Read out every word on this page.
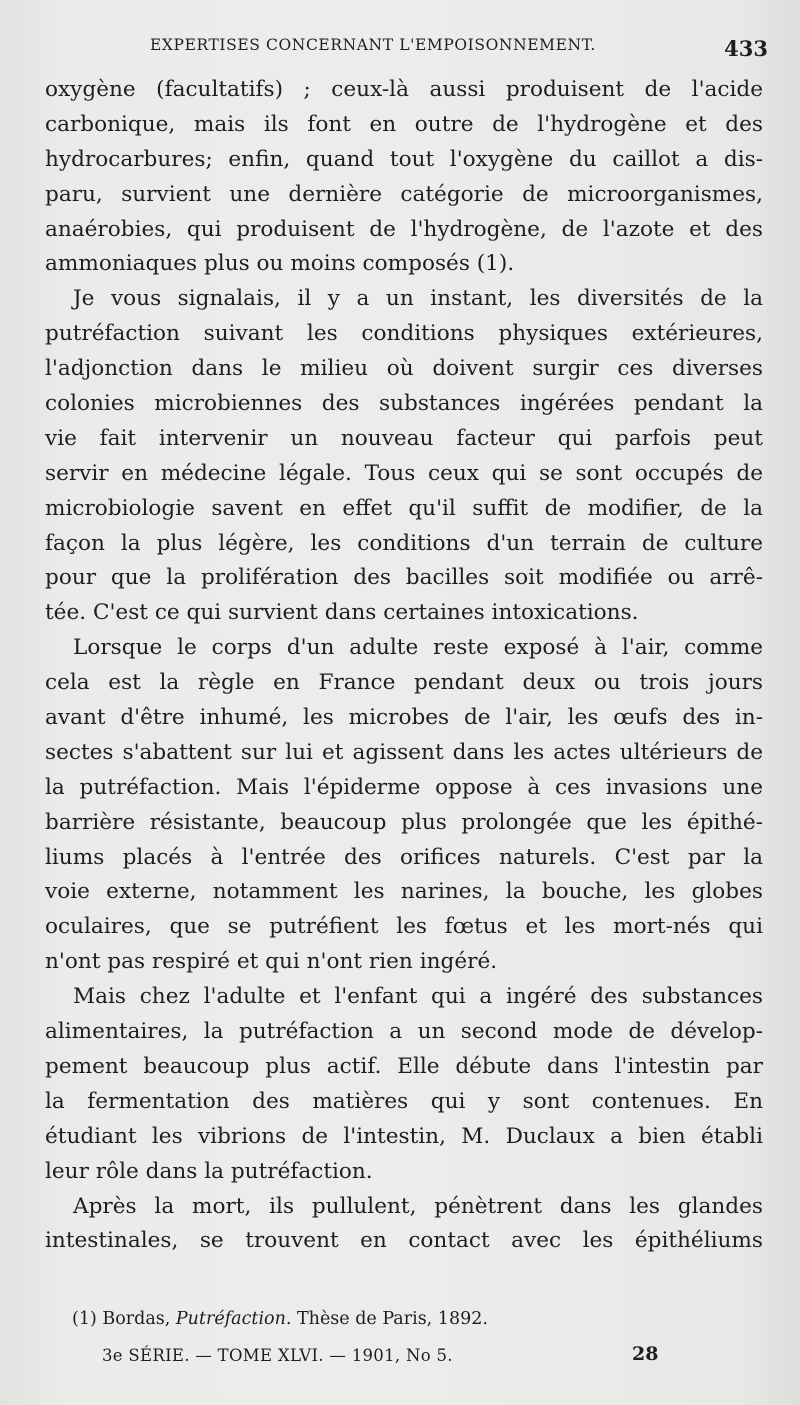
EXPERTISES CONCERNANT L'EMPOISONNEMENT.	433
oxygène (facultatifs) ; ceux-là aussi produisent de l'acide
carbonique, mais ils font en outre de l'hydrogène et des
hydrocarbures; enfin, quand tout l'oxygène du caillot a dis-
paru, survient une dernière catégorie de microorganismes,
anaérobies, qui produisent de l'hydrogène, de l'azote et des
ammoniaques plus ou moins composés (1).
Je vous signalais, il y a un instant, les diversités de la
putréfaction suivant les conditions physiques extérieures,
l'adjonction dans le milieu où doivent surgir ces diverses
colonies microbiennes des substances ingérées pendant la
vie fait intervenir un nouveau facteur qui parfois peut
servir en médecine légale. Tous ceux qui se sont occupés de
microbiologie savent en effet qu'il suffit de modifier, de la
façon la plus légère, les conditions d'un terrain de culture
pour que la prolifération des bacilles soit modifiée ou arrê-
tée. C'est ce qui survient dans certaines intoxications.
Lorsque le corps d'un adulte reste exposé à l'air, comme
cela est la règle en France pendant deux ou trois jours
avant d'être inhumé, les microbes de l'air, les œufs des in-
sectes s'abattent sur lui et agissent dans les actes ultérieurs de
la putréfaction. Mais l'épiderme oppose à ces invasions une
barrière résistante, beaucoup plus prolongée que les épithé-
liums placés à l'entrée des orifices naturels. C'est par la
voie externe, notamment les narines, la bouche, les globes
oculaires, que se putréfient les fœtus et les mort-nés qui
n'ont pas respiré et qui n'ont rien ingéré.
Mais chez l'adulte et l'enfant qui a ingéré des substances
alimentaires, la putréfaction a un second mode de dévelop-
pement beaucoup plus actif. Elle débute dans l'intestin par
la fermentation des matières qui y sont contenues. En
étudiant les vibrions de l'intestin, M. Duclaux a bien établi
leur rôle dans la putréfaction.
Après la mort, ils pullulent, pénètrent dans les glandes
intestinales, se trouvent en contact avec les épithéliums
(1) Bordas, Putréfaction. Thèse de Paris, 1892.
3e SÉRIE. — TOME XLVI. — 1901, No 5.	28
